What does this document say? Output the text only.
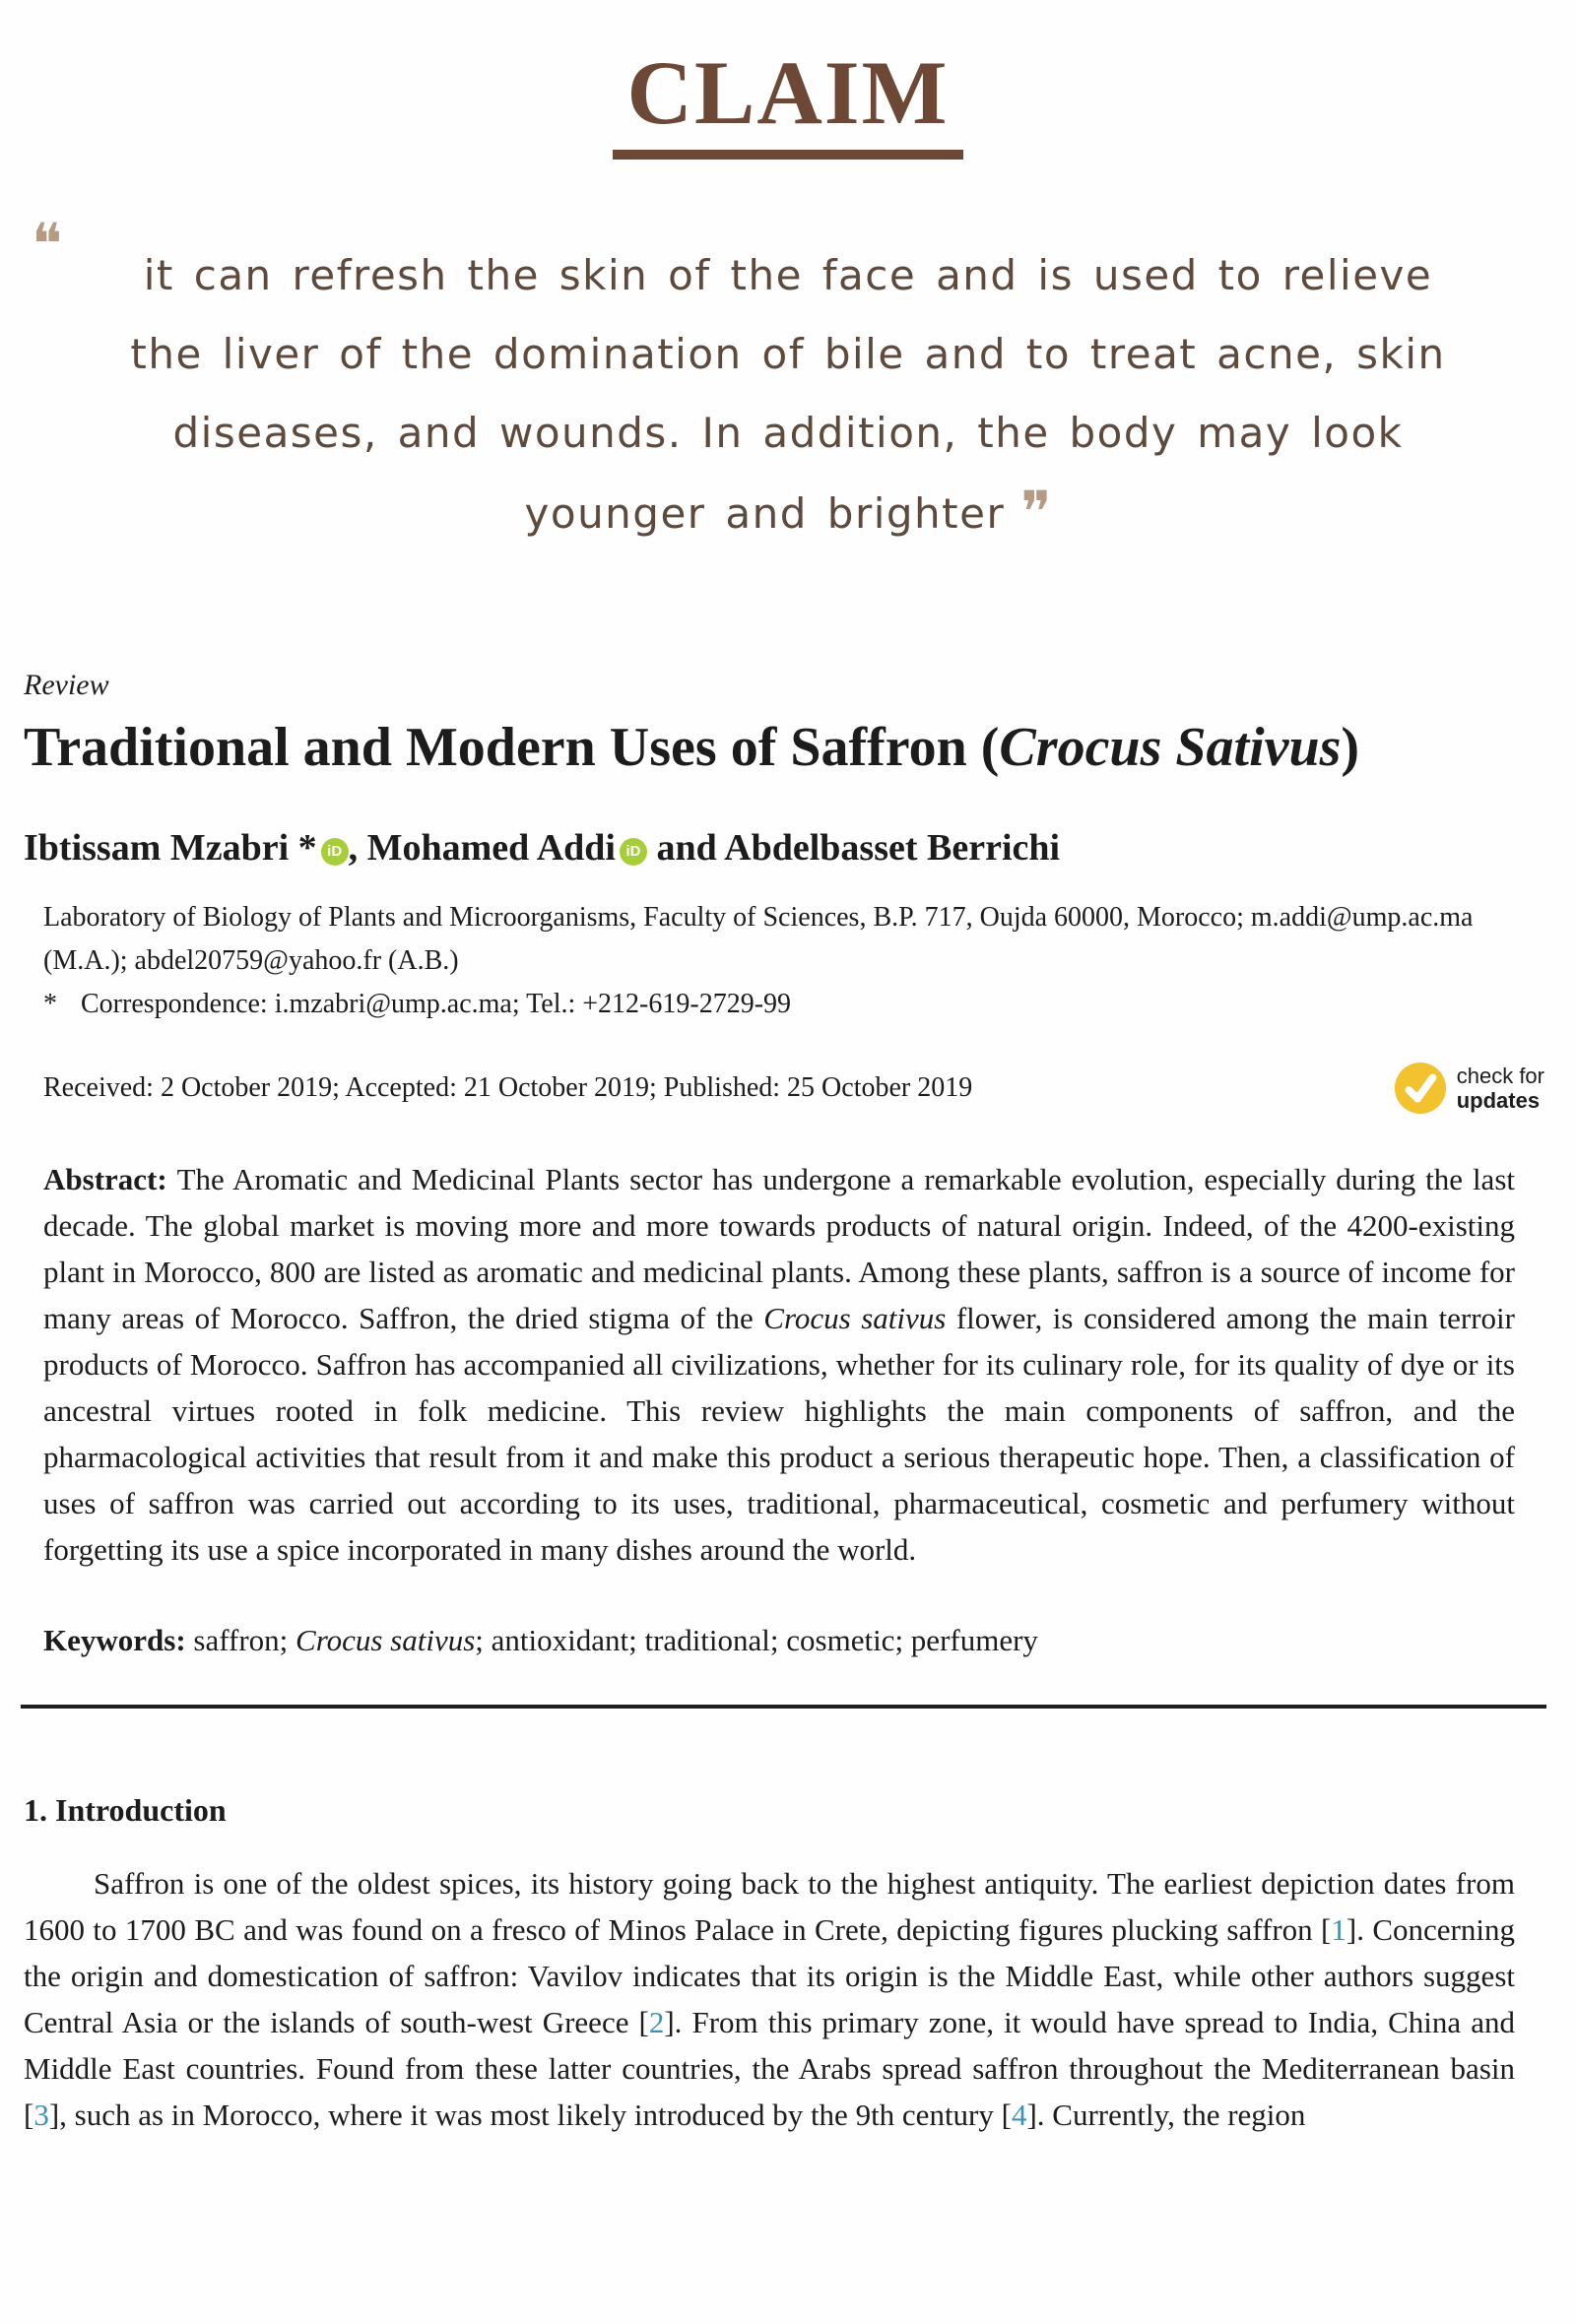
CLAIM
❝	it can refresh the skin of the face and is used to relieve
the liver of the domination of bile and to treat acne, skin
diseases, and wounds. In addition, the body may look
younger and brighter ❞
Review
Traditional and Modern Uses of Saffron (Crocus Sativus)
Ibtissam Mzabri * iD , Mohamed Addi iD and Abdelbasset Berrichi
Laboratory of Biology of Plants and Microorganisms, Faculty of Sciences, B.P. 717, Oujda 60000, Morocco; m.addi@ump.ac.ma (M.A.); abdel20759@yahoo.fr (A.B.)
* Correspondence: i.mzabri@ump.ac.ma; Tel.: +212-619-2729-99
Received: 2 October 2019; Accepted: 21 October 2019; Published: 25 October 2019	check for
updates

Abstract: The Aromatic and Medicinal Plants sector has undergone a remarkable evolution, especially during the last decade. The global market is moving more and more towards products of natural origin. Indeed, of the 4200-existing plant in Morocco, 800 are listed as aromatic and medicinal plants. Among these plants, saffron is a source of income for many areas of Morocco. Saffron, the dried stigma of the Crocus sativus flower, is considered among the main terroir products of Morocco. Saffron has accompanied all civilizations, whether for its culinary role, for its quality of dye or its ancestral virtues rooted in folk medicine. This review highlights the main components of saffron, and the pharmacological activities that result from it and make this product a serious therapeutic hope. Then, a classification of uses of saffron was carried out according to its uses, traditional, pharmaceutical, cosmetic and perfumery without forgetting its use a spice incorporated in many dishes around the world.

Keywords: saffron; Crocus sativus; antioxidant; traditional; cosmetic; perfumery

1. Introduction

Saffron is one of the oldest spices, its history going back to the highest antiquity. The earliest depiction dates from 1600 to 1700 BC and was found on a fresco of Minos Palace in Crete, depicting figures plucking saffron [1]. Concerning the origin and domestication of saffron: Vavilov indicates that its origin is the Middle East, while other authors suggest Central Asia or the islands of south-west Greece [2]. From this primary zone, it would have spread to India, China and Middle East countries. Found from these latter countries, the Arabs spread saffron throughout the Mediterranean basin [3], such as in Morocco, where it was most likely introduced by the 9th century [4]. Currently, the region
